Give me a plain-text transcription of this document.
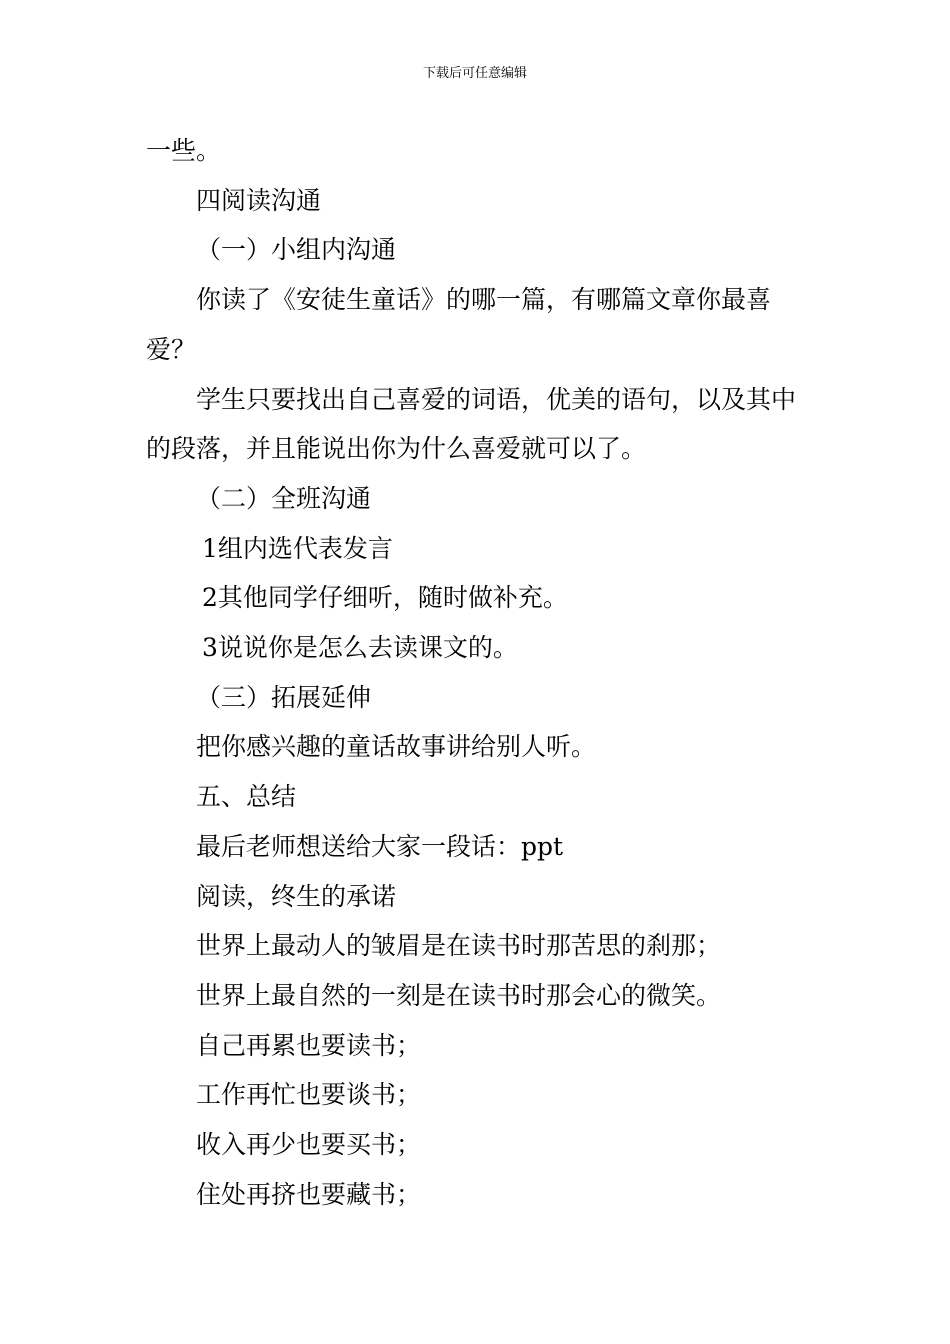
下载后可任意编辑

一些。

四阅读沟通

（一）小组内沟通

你读了《安徒生童话》的哪一篇，有哪篇文章你最喜爱？

学生只要找出自己喜爱的词语，优美的语句，以及其中的段落，并且能说出你为什么喜爱就可以了。

（二）全班沟通

1组内选代表发言

2其他同学仔细听，随时做补充。

3说说你是怎么去读课文的。

（三）拓展延伸

把你感兴趣的童话故事讲给别人听。

五、总结

最后老师想送给大家一段话：ppt

阅读，终生的承诺

世界上最动人的皱眉是在读书时那苦思的刹那；

世界上最自然的一刻是在读书时那会心的微笑。

自己再累也要读书；

工作再忙也要谈书；

收入再少也要买书；

住处再挤也要藏书；
